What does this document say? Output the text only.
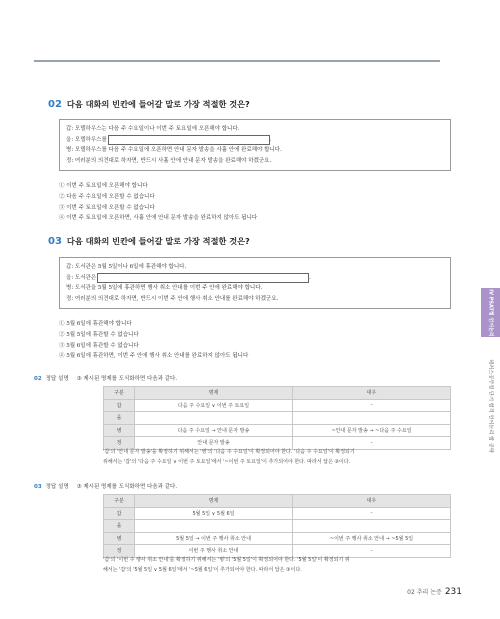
02 다음 대화의 빈칸에 들어갈 말로 가장 적절한 것은?
갑: 모델하우스는 다음 주 수요일이나 이번 주 토요일에 오픈해야 합니다.
을: 모델하우스를	.
병: 모델하우스를 다음 주 수요일에 오픈하면 안내 문자 발송을 사흘 안에 완료해야 합니다.
정: 여러분의 의견대로 하자면, 반드시 사흘 안에 안내 문자 발송을 완료해야 하겠군요.
① 이번 주 토요일에 오픈해야 합니다
② 다음 주 수요일에 오픈할 수 없습니다
③ 이번 주 토요일에 오픈할 수 없습니다
④ 이번 주 토요일에 오픈하면, 사흘 안에 안내 문자 발송을 완료하지 않아도 됩니다
03 다음 대화의 빈칸에 들어갈 말로 가장 적절한 것은?
갑: 도서관은 5월 5일이나 6일에 휴관해야 합니다.
을: 도서관은	.
병: 도서관을 5월 5일에 휴관하면 행사 취소 안내를 이번 주 안에 완료해야 합니다.
정: 여러분의 의견대로 하자면, 반드시 이번 주 안에 행사 취소 안내를 완료해야 하겠군요.
① 5월 6일에 휴관해야 합니다
② 5월 5일에 휴관할 수 없습니다
③ 5월 6일에 휴관할 수 없습니다
④ 5월 6일에 휴관하면, 이번 주 안에 행사 취소 안내를 완료하지 않아도 됩니다
02 정답 설명 ③ 제시된 명제를 도식화하면 다음과 같다.
구분	명제	대우
갑	다음 주 수요일 ∨ 이번 주 토요일	-
을		
병	다음 주 수요일 → 안내 문자 발송	~안내 문자 발송 → ~다음 주 수요일
정	안내 문자 발송	-
'갑'의 '안내 문자 발송'을 확정하기 위해서는 '병'의 '다음 주 수요일'이 확정되어야 한다. '다음 주 수요일'이 확정되기
위해서는 '갑'의 '다음 주 수요일 ∨ 이번 주 토요일'에서 '~이번 주 토요일'이 추가되어야 한다. 따라서 답은 ③이다.
03 정답 설명 ③ 제시된 명제를 도식화하면 다음과 같다.
구분	명제	대우
갑	5월 5일 ∨ 5월 6일	-
을		
병	5월 5일 → 이번 주 행사 취소 안내	~이번 주 행사 취소 안내 → ~5월 5일
정	이번 주 행사 취소 안내	-
'갑'의 '이번 주 행사 취소 안내'를 확정하기 위해서는 '병'의 '5월 5일'이 확정되어야 한다. '5월 5일'이 확정되기 위
해서는 '갑'의 '5월 5일 ∨ 5월 6일'에서 '~5월 6일'이 추가되어야 한다. 따라서 답은 ③이다.
IV PSAT형 언어논리
해커스공무원 단기 합격 언어논리 합 공략
02 추리 논증 231
